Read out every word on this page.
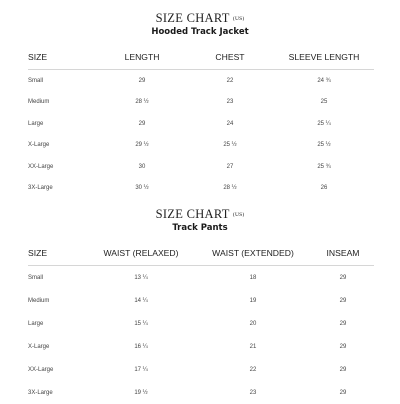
SIZE CHART (US)
Hooded Track Jacket
SIZE	LENGTH	CHEST	SLEEVE LENGTH
Small	29	22	24 ¾
Medium	28 ½	23	25
Large	29	24	25 ¼
X-Large	29 ½	25 ½	25 ½
XX-Large	30	27	25 ¾
3X-Large	30 ½	28 ½	26
SIZE CHART (US)
Track Pants
SIZE	WAIST (RELAXED)	WAIST (EXTENDED)	INSEAM
Small	13 ¼	18	29
Medium	14 ¼	19	29
Large	15 ¼	20	29
X-Large	16 ¼	21	29
XX-Large	17 ¼	22	29
3X-Large	19 ½	23	29
